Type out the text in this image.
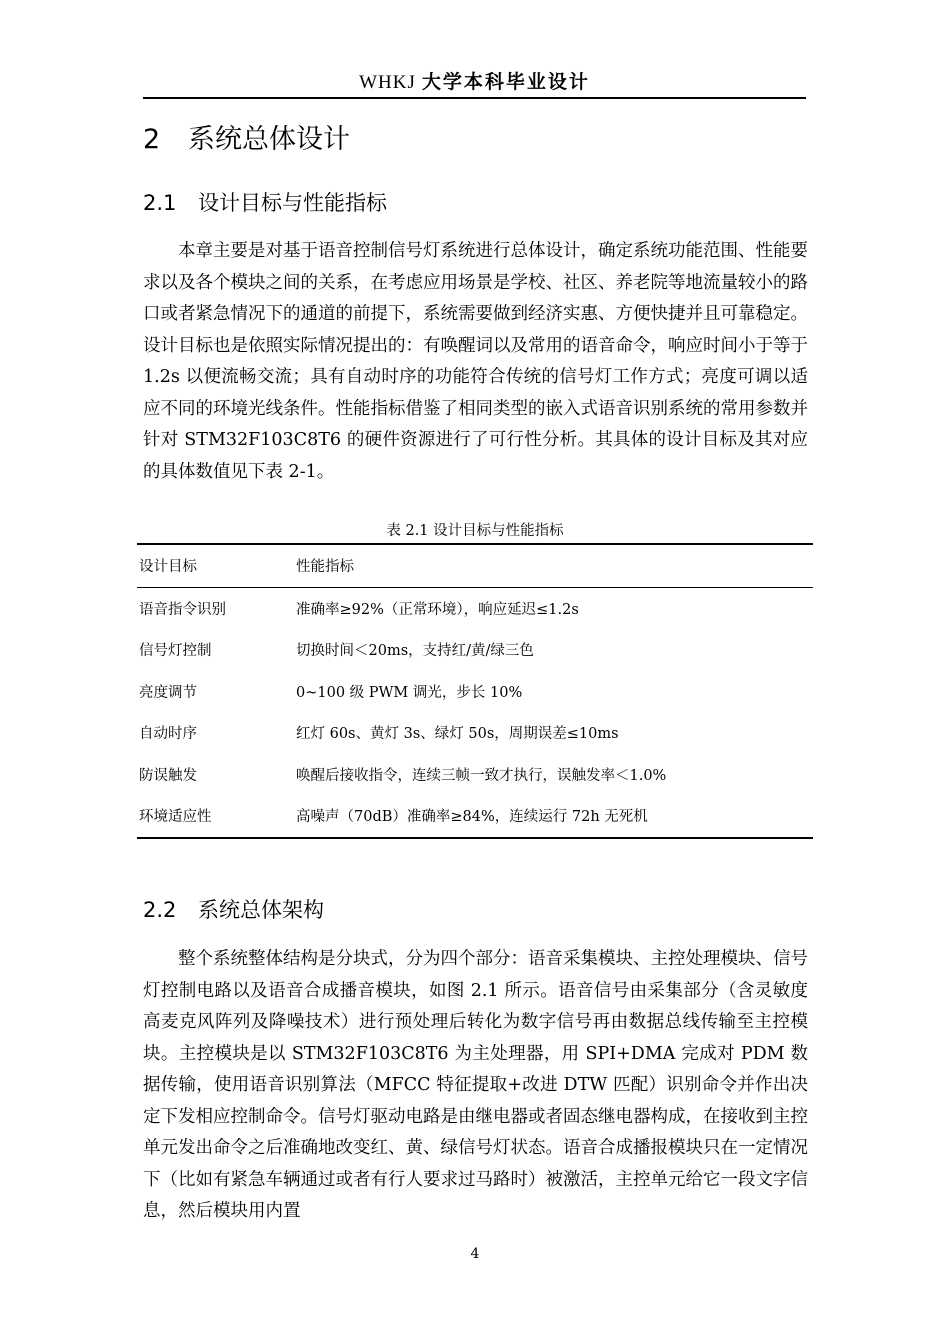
WHKJ 大学本科毕业设计
2 系统总体设计
2.1 设计目标与性能指标

本章主要是对基于语音控制信号灯系统进行总体设计，确定系统功能范围、性能要求以及各个模块之间的关系，在考虑应用场景是学校、社区、养老院等地流量较小的路口或者紧急情况下的通道的前提下，系统需要做到经济实惠、方便快捷并且可靠稳定。设计目标也是依照实际情况提出的：有唤醒词以及常用的语音命令，响应时间小于等于 1.2s 以便流畅交流；具有自动时序的功能符合传统的信号灯工作方式；亮度可调以适应不同的环境光线条件。性能指标借鉴了相同类型的嵌入式语音识别系统的常用参数并针对 STM32F103C8T6 的硬件资源进行了可行性分析。其具体的设计目标及其对应的具体数值见下表 2-1。

表 2.1 设计目标与性能指标
设计目标	性能指标
语音指令识别	准确率≥92%（正常环境），响应延迟≤1.2s
信号灯控制	切换时间＜20ms，支持红/黄/绿三色
亮度调节	0~100 级 PWM 调光，步长 10%
自动时序	红灯 60s、黄灯 3s、绿灯 50s，周期误差≤10ms
防误触发	唤醒后接收指令，连续三帧一致才执行，误触发率＜1.0%
环境适应性	高噪声（70dB）准确率≥84%，连续运行 72h 无死机
2.2 系统总体架构

整个系统整体结构是分块式，分为四个部分：语音采集模块、主控处理模块、信号灯控制电路以及语音合成播音模块，如图 2.1 所示。语音信号由采集部分（含灵敏度高麦克风阵列及降噪技术）进行预处理后转化为数字信号再由数据总线传输至主控模块。主控模块是以 STM32F103C8T6 为主处理器，用 SPI+DMA 完成对 PDM 数据传输，使用语音识别算法（MFCC 特征提取+改进 DTW 匹配）识别命令并作出决定下发相应控制命令。信号灯驱动电路是由继电器或者固态继电器构成，在接收到主控单元发出命令之后准确地改变红、黄、绿信号灯状态。语音合成播报模块只在一定情况下（比如有紧急车辆通过或者有行人要求过马路时）被激活，主控单元给它一段文字信息，然后模块用内置

4
